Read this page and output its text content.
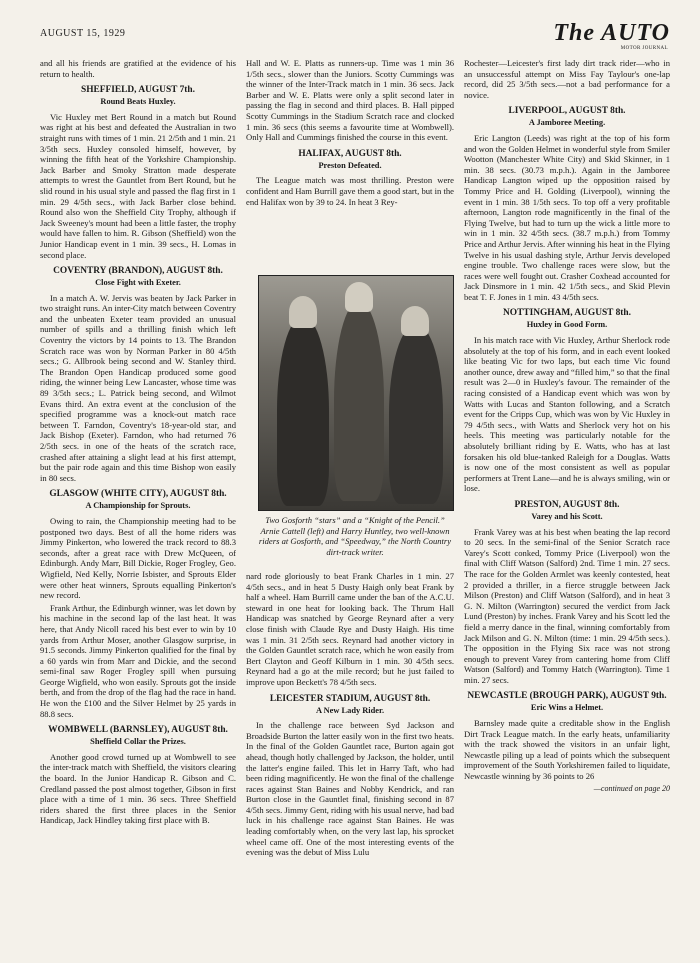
AUGUST 15, 1929	The AUTO
MOTOR JOURNAL

and all his friends are gratified at the evidence of his return to health.

SHEFFIELD, AUGUST 7th.
Round Beats Huxley.

Vic Huxley met Bert Round in a match but Round was right at his best and defeated the Australian in two straight runs with times of 1 min. 21 2/5th and 1 min. 21 3/5th secs. Huxley consoled himself, however, by winning the fifth heat of the Yorkshire Championship. Jack Barber and Smoky Stratton made desperate attempts to wrest the Gauntlet from Bert Round, but he slid round in his usual style and passed the flag first in 1 min. 29 4/5th secs., with Jack Barber close behind. Round also won the Sheffield City Trophy, although if Jack Sweeney's mount had been a little faster, the trophy would have fallen to him. R. Gibson (Sheffield) won the Junior Handicap event in 1 min. 39 secs., H. Lomas in second place.

COVENTRY (BRANDON), AUGUST 8th.
Close Fight with Exeter.

In a match A. W. Jervis was beaten by Jack Parker in two straight runs. An inter-City match between Coventry and the unbeaten Exeter team provided an unusual number of spills and a thrilling finish which left Coventry the victors by 14 points to 13. The Brandon Scratch race was won by Norman Parker in 80 4/5th secs.; G. Allbrook being second and W. Stanley third. The Brandon Open Handicap produced some good riding, the winner being Lew Lancaster, whose time was 89 3/5th secs.; L. Patrick being second, and Wilmot Evans third. An extra event at the conclusion of the specified programme was a knock-out match race between T. Farndon, Coventry's 18-year-old star, and Jack Bishop (Exeter). Farndon, who had returned 76 2/5th secs. in one of the heats of the scratch race, crashed after attaining a slight lead at his first attempt, but the pair rode again and this time Bishop won easily in 80 secs.

GLASGOW (WHITE CITY), AUGUST 8th.
A Championship for Sprouts.

Owing to rain, the Championship meeting had to be postponed two days. Best of all the home riders was Jimmy Pinkerton, who lowered the track record to 88.3 seconds, after a great race with Drew McQueen, of Edinburgh. Andy Marr, Bill Dickie, Roger Frogley, Geo. Wigfield, Ned Kelly, Norrie Isbister, and Sprouts Elder were other heat winners, Sprouts equalling Pinkerton's new record.

Frank Arthur, the Edinburgh winner, was let down by his machine in the second lap of the last heat. It was here, that Andy Nicoll raced his best ever to win by 10 yards from Arthur Moser, another Glasgow surprise, in 91.5 seconds. Jimmy Pinkerton qualified for the final by a 60 yards win from Marr and Dickie, and the second semi-final saw Roger Frogley spill when pursuing George Wigfield, who won easily. Sprouts got the inside berth, and from the drop of the flag had the race in hand. He won the £100 and the Silver Helmet by 25 yards in 88.8 secs.

WOMBWELL (BARNSLEY), AUGUST 8th.
Sheffield Collar the Prizes.

Another good crowd turned up at Wombwell to see the inter-track match with Sheffield, the visitors clearing the board. In the Junior Handicap R. Gibson and C. Credland passed the post almost together, Gibson in first place with a time of 1 min. 36 secs. Three Sheffield riders shared the first three places in the Senior Handicap, Jack Hindley taking first place with B.

Hall and W. E. Platts as runners-up. Time was 1 min 36 1/5th secs., slower than the Juniors. Scotty Cummings was the winner of the Inter-Track match in 1 min. 36 secs. Jack Barber and W. E. Platts were only a split second later in passing the flag in second and third places. B. Hall pipped Scotty Cummings in the Stadium Scratch race and clocked 1 min. 36 secs (this seems a favourite time at Wombwell). Only Hall and Cummings finished the course in this event.

HALIFAX, AUGUST 8th.
Preston Defeated.

The League match was most thrilling. Preston were confident and Ham Burrill gave them a good start, but in the end Halifax won by 39 to 24. In heat 3 Rey-

Two Gosforth “stars” and a “Knight of the Pencil.” Arnie Cattell (left) and Harry Huntley, two well-known riders at Gosforth, and “Speedway,” the North Country dirt-track writer.

nard rode gloriously to beat Frank Charles in 1 min. 27 4/5th secs., and in heat 5 Dusty Haigh only beat Frank by half a wheel. Ham Burrill came under the ban of the A.C.U. steward in one heat for looking back. The Thrum Hall Handicap was snatched by George Reynard after a very close finish with Claude Rye and Dusty Haigh. His time was 1 min. 31 2/5th secs. Reynard had another victory in the Golden Gauntlet scratch race, which he won easily from Bert Clayton and Geoff Kilburn in 1 min. 30 4/5th secs. Reynard had a go at the mile record; but he just failed to improve upon Beckett's 78 4/5th secs.

LEICESTER STADIUM, AUGUST 8th.
A New Lady Rider.

In the challenge race between Syd Jackson and Broadside Burton the latter easily won in the first two heats. In the final of the Golden Gauntlet race, Burton again got ahead, though hotly challenged by Jackson, the holder, until the latter's engine failed. This let in Harry Taft, who had been riding magnificently. He won the final of the challenge races against Stan Baines and Nobby Kendrick, and ran Burton close in the Gauntlet final, finishing second in 87 4/5th secs. Jimmy Gent, riding with his usual nerve, had bad luck in his challenge race against Stan Baines. He was leading comfortably when, on the very last lap, his sprocket wheel came off. One of the most interesting events of the evening was the debut of Miss Lulu

Rochester—Leicester's first lady dirt track rider—who in an unsuccessful attempt on Miss Fay Taylour's one-lap record, did 25 3/5th secs.—not a bad performance for a novice.

LIVERPOOL, AUGUST 8th.
A Jamboree Meeting.

Eric Langton (Leeds) was right at the top of his form and won the Golden Helmet in wonderful style from Smiler Wootton (Manchester White City) and Skid Skinner, in 1 min. 38 secs. (30.73 m.p.h.). Again in the Jamboree Handicap Langton wiped up the opposition raised by Tommy Price and H. Golding (Liverpool), winning the event in 1 min. 38 1/5th secs. To top off a very profitable afternoon, Langton rode magnificently in the final of the Flying Twelve, but had to turn up the wick a little more to win in 1 min. 32 4/5th secs. (38.7 m.p.h.) from Tommy Price and Arthur Jervis. After winning his heat in the Flying Twelve in his usual dashing style, Arthur Jervis developed engine trouble. Two challenge races were slow, but the races were well fought out. Crasher Coxhead accounted for Jack Dinsmore in 1 min. 42 1/5th secs., and Skid Plevin beat T. F. Jones in 1 min. 43 4/5th secs.

NOTTINGHAM, AUGUST 8th.
Huxley in Good Form.

In his match race with Vic Huxley, Arthur Sherlock rode absolutely at the top of his form, and in each event looked like beating Vic for two laps, but each time Vic found another ounce, drew away and “filled him,” so that the final result was 2—0 in Huxley's favour. The remainder of the racing consisted of a Handicap event which was won by Watts with Lucas and Stanton following, and a Scratch event for the Cripps Cup, which was won by Vic Huxley in 79 4/5th secs., with Watts and Sherlock very hot on his heels. This meeting was particularly notable for the absolutely brilliant riding by E. Watts, who has at last forsaken his old blue-tanked Raleigh for a Douglas. Watts is now one of the most consistent as well as popular performers at Trent Lane—and he is always smiling, win or lose.

PRESTON, AUGUST 8th.
Varey and his Scott.

Frank Varey was at his best when beating the lap record to 20 secs. In the semi-final of the Senior Scratch race Varey's Scott conked, Tommy Price (Liverpool) won the final with Cliff Watson (Salford) 2nd. Time 1 min. 27 secs. The race for the Golden Armlet was keenly contested, heat 2 provided a thriller, in a fierce struggle between Jack Milson (Preston) and Cliff Watson (Salford), and in heat 3 G. N. Milton (Warrington) secured the verdict from Jack Lund (Preston) by inches. Frank Varey and his Scott led the field a merry dance in the final, winning comfortably from Jack Milson and G. N. Milton (time: 1 min. 29 4/5th secs.). The opposition in the Flying Six race was not strong enough to prevent Varey from cantering home from Cliff Watson (Salford) and Tommy Hatch (Warrington). Time 1 min. 27 secs.

NEWCASTLE (BROUGH PARK), AUGUST 9th.
Eric Wins a Helmet.

Barnsley made quite a creditable show in the English Dirt Track League match. In the early heats, unfamiliarity with the track showed the visitors in an unfair light, Newcastle piling up a lead of points which the subsequent improvement of the South Yorkshiremen failed to liquidate, Newcastle winning by 36 points to 26

—continued on page 20
